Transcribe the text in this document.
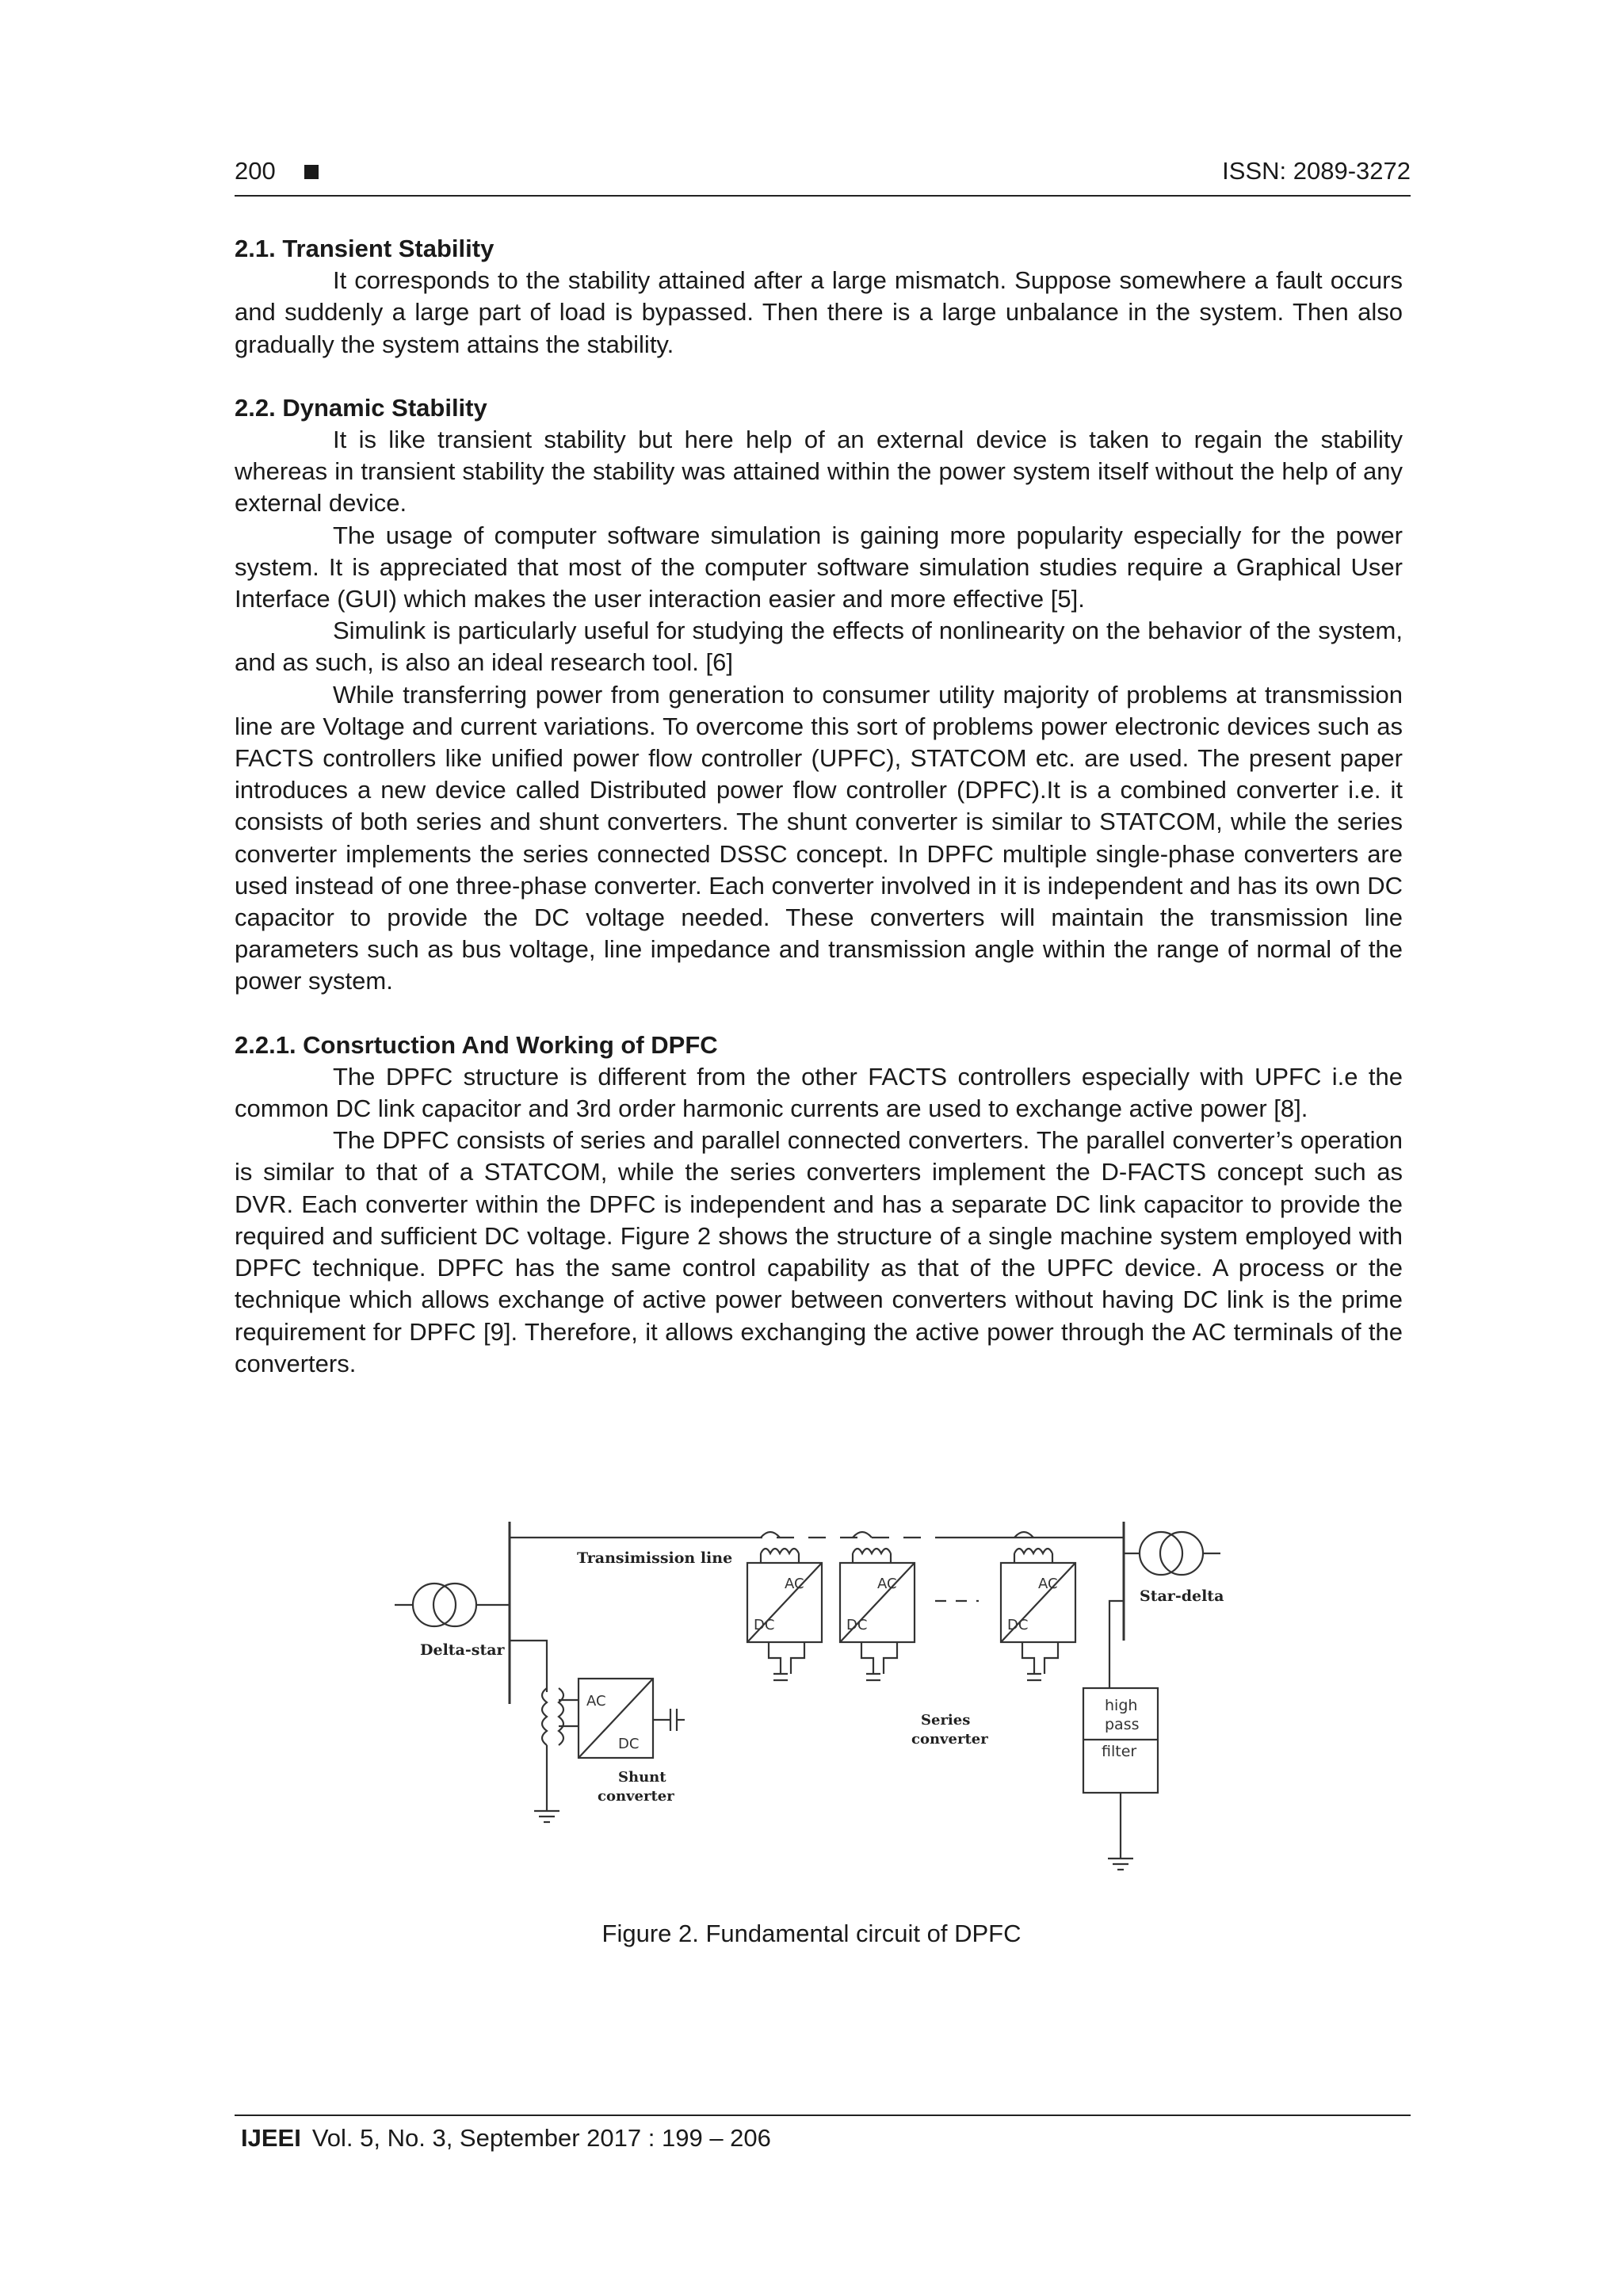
200	ISSN: 2089-3272
2.1. Transient Stability

It corresponds to the stability attained after a large mismatch. Suppose somewhere a fault occurs and suddenly a large part of load is bypassed. Then there is a large unbalance in the system. Then also gradually the system attains the stability.

2.2. Dynamic Stability

It is like transient stability but here help of an external device is taken to regain the stability whereas in transient stability the stability was attained within the power system itself without the help of any external device.

The usage of computer software simulation is gaining more popularity especially for the power system. It is appreciated that most of the computer software simulation studies require a Graphical User Interface (GUI) which makes the user interaction easier and more effective [5].

Simulink is particularly useful for studying the effects of nonlinearity on the behavior of the system, and as such, is also an ideal research tool. [6]

While transferring power from generation to consumer utility majority of problems at transmission line are Voltage and current variations. To overcome this sort of problems power electronic devices such as FACTS controllers like unified power flow controller (UPFC), STATCOM etc. are used. The present paper introduces a new device called Distributed power flow controller (DPFC).It is a combined converter i.e. it consists of both series and shunt converters. The shunt converter is similar to STATCOM, while the series converter implements the series connected DSSC concept. In DPFC multiple single-phase converters are used instead of one three-phase converter. Each converter involved in it is independent and has its own DC capacitor to provide the DC voltage needed. These converters will maintain the transmission line parameters such as bus voltage, line impedance and transmission angle within the range of normal of the power system.

2.2.1. Consrtuction And Working of DPFC

The DPFC structure is different from the other FACTS controllers especially with UPFC i.e the common DC link capacitor and 3rd order harmonic currents are used to exchange active power [8].

The DPFC consists of series and parallel connected converters. The parallel converter’s operation is similar to that of a STATCOM, while the series converters implement the D-FACTS concept such as DVR. Each converter within the DPFC is independent and has a separate DC link capacitor to provide the required and sufficient DC voltage. Figure 2 shows the structure of a single machine system employed with DPFC technique. DPFC has the same control capability as that of the UPFC device. A process or the technique which allows exchange of active power between converters without having DC link is the prime requirement for DPFC [9]. Therefore, it allows exchanging the active power through the AC terminals of the converters.

Transimission line
Delta-star
AC
DC
Shunt
converter
AC
DC
AC
DC
AC
DC
Series
converter
Star-delta
high
pass
filter
Figure 2. Fundamental circuit of DPFC
IJEEI Vol. 5, No. 3, September 2017 : 199 – 206
